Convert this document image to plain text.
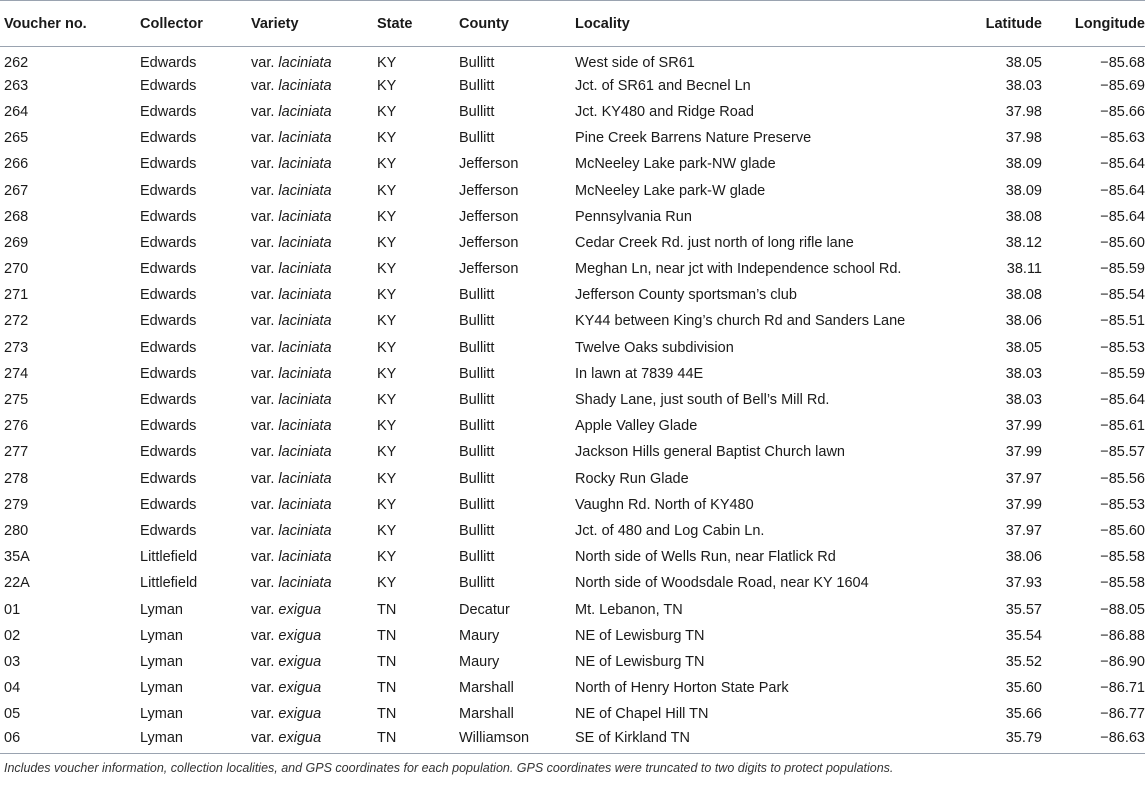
Voucher no.	Collector	Variety	State	County	Locality	Latitude	Longitude
262	Edwards	var. laciniata	KY	Bullitt	West side of SR61	38.05	−85.68
263	Edwards	var. laciniata	KY	Bullitt	Jct. of SR61 and Becnel Ln	38.03	−85.69
264	Edwards	var. laciniata	KY	Bullitt	Jct. KY480 and Ridge Road	37.98	−85.66
265	Edwards	var. laciniata	KY	Bullitt	Pine Creek Barrens Nature Preserve	37.98	−85.63
266	Edwards	var. laciniata	KY	Jefferson	McNeeley Lake park-NW glade	38.09	−85.64
267	Edwards	var. laciniata	KY	Jefferson	McNeeley Lake park-W glade	38.09	−85.64
268	Edwards	var. laciniata	KY	Jefferson	Pennsylvania Run	38.08	−85.64
269	Edwards	var. laciniata	KY	Jefferson	Cedar Creek Rd. just north of long rifle lane	38.12	−85.60
270	Edwards	var. laciniata	KY	Jefferson	Meghan Ln, near jct with Independence school Rd.	38.11	−85.59
271	Edwards	var. laciniata	KY	Bullitt	Jefferson County sportsman’s club	38.08	−85.54
272	Edwards	var. laciniata	KY	Bullitt	KY44 between King’s church Rd and Sanders Lane	38.06	−85.51
273	Edwards	var. laciniata	KY	Bullitt	Twelve Oaks subdivision	38.05	−85.53
274	Edwards	var. laciniata	KY	Bullitt	In lawn at 7839 44E	38.03	−85.59
275	Edwards	var. laciniata	KY	Bullitt	Shady Lane, just south of Bell’s Mill Rd.	38.03	−85.64
276	Edwards	var. laciniata	KY	Bullitt	Apple Valley Glade	37.99	−85.61
277	Edwards	var. laciniata	KY	Bullitt	Jackson Hills general Baptist Church lawn	37.99	−85.57
278	Edwards	var. laciniata	KY	Bullitt	Rocky Run Glade	37.97	−85.56
279	Edwards	var. laciniata	KY	Bullitt	Vaughn Rd. North of KY480	37.99	−85.53
280	Edwards	var. laciniata	KY	Bullitt	Jct. of 480 and Log Cabin Ln.	37.97	−85.60
35A	Littlefield	var. laciniata	KY	Bullitt	North side of Wells Run, near Flatlick Rd	38.06	−85.58
22A	Littlefield	var. laciniata	KY	Bullitt	North side of Woodsdale Road, near KY 1604	37.93	−85.58
01	Lyman	var. exigua	TN	Decatur	Mt. Lebanon, TN	35.57	−88.05
02	Lyman	var. exigua	TN	Maury	NE of Lewisburg TN	35.54	−86.88
03	Lyman	var. exigua	TN	Maury	NE of Lewisburg TN	35.52	−86.90
04	Lyman	var. exigua	TN	Marshall	North of Henry Horton State Park	35.60	−86.71
05	Lyman	var. exigua	TN	Marshall	NE of Chapel Hill TN	35.66	−86.77
06	Lyman	var. exigua	TN	Williamson	SE of Kirkland TN	35.79	−86.63
Includes voucher information, collection localities, and GPS coordinates for each population. GPS coordinates were truncated to two digits to protect populations.
